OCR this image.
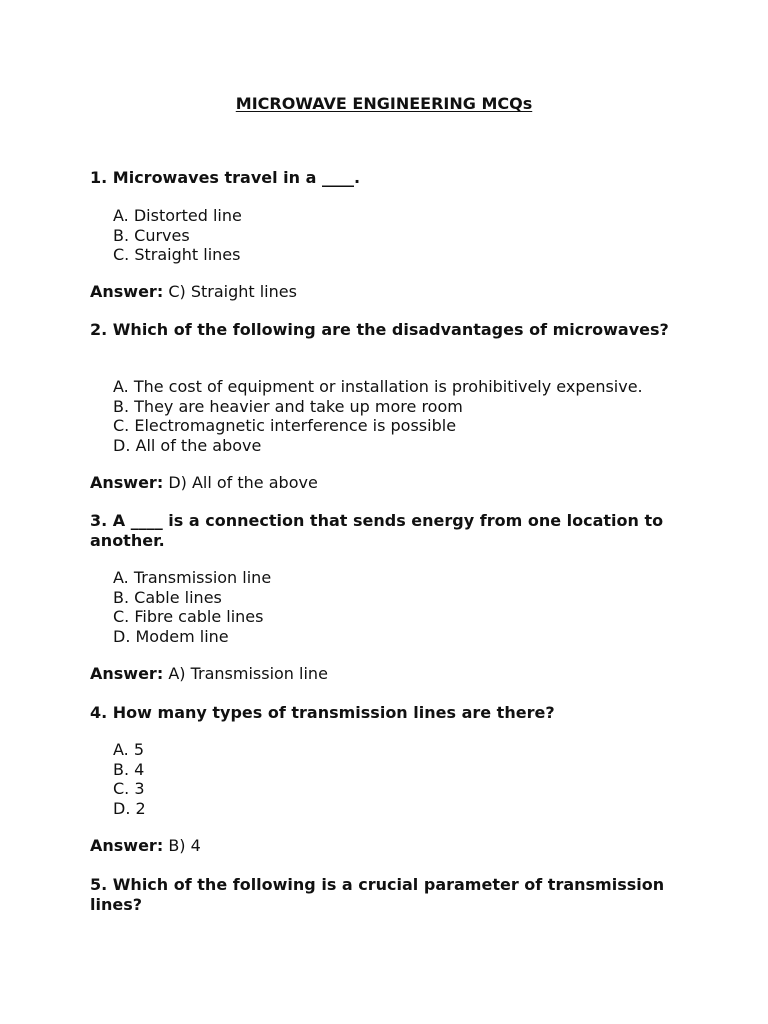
MICROWAVE ENGINEERING MCQs
1. Microwaves travel in a ____.
A. Distorted line
B. Curves
C. Straight lines
Answer: C) Straight lines
2. Which of the following are the disadvantages of microwaves?
A. The cost of equipment or installation is prohibitively expensive.
B. They are heavier and take up more room
C. Electromagnetic interference is possible
D. All of the above
Answer: D) All of the above
3. A ____ is a connection that sends energy from one location to another.
A. Transmission line
B. Cable lines
C. Fibre cable lines
D. Modem line
Answer: A) Transmission line
4. How many types of transmission lines are there?
A. 5
B. 4
C. 3
D. 2
Answer: B) 4
5. Which of the following is a crucial parameter of transmission lines?
